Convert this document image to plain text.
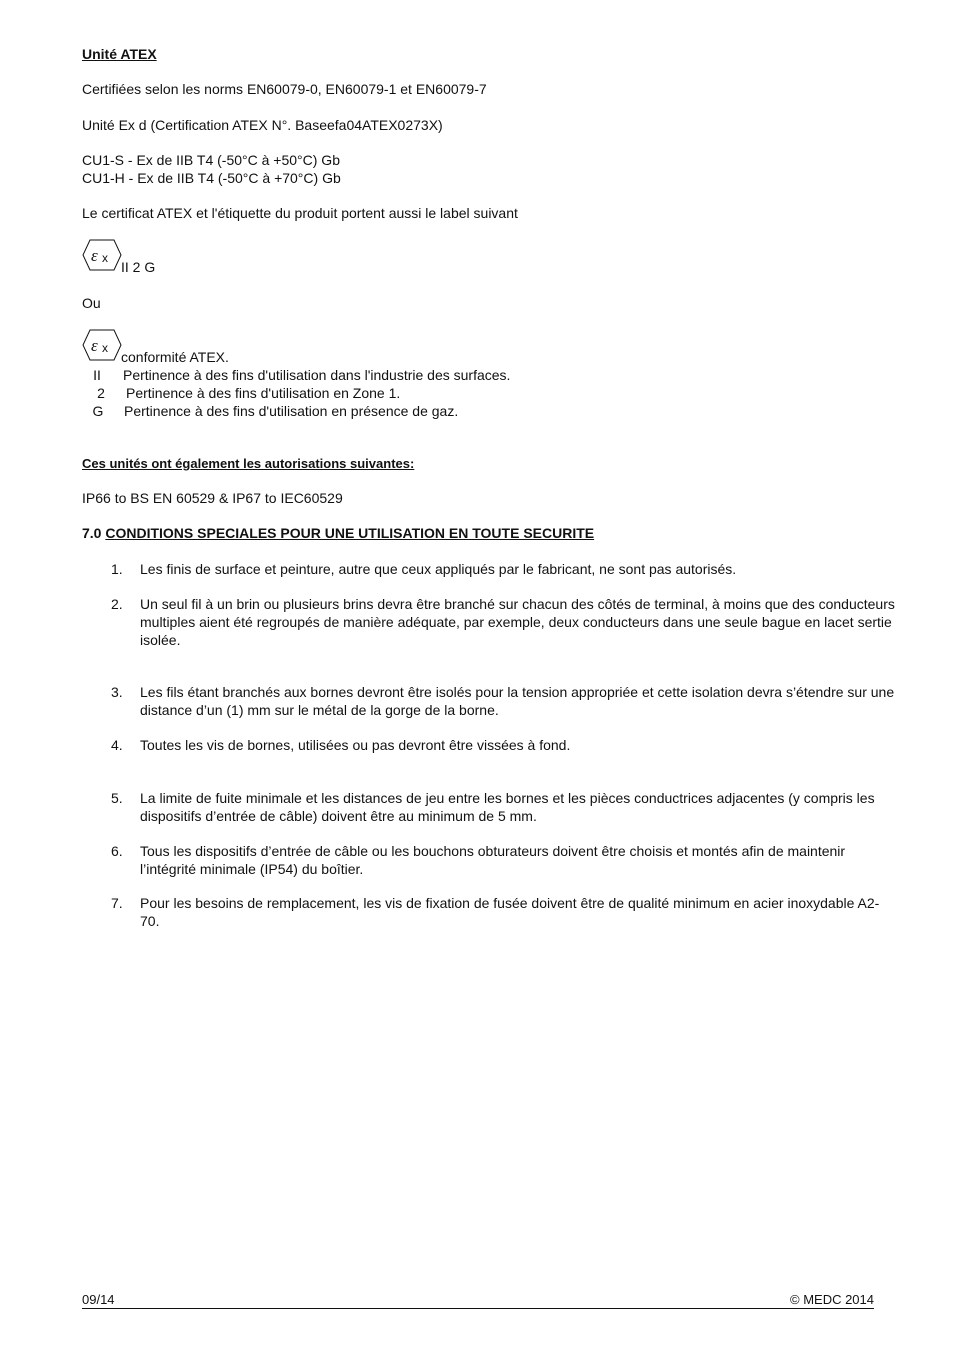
Unité ATEX
Certifiées selon les norms EN60079-0, EN60079-1 et EN60079-7
Unité Ex d (Certification ATEX N°. Baseefa04ATEX0273X)
CU1-S - Ex de IIB T4 (-50°C à +50°C) Gb
CU1-H - Ex de IIB T4 (-50°C à +70°C) Gb
Le certificat ATEX et l'étiquette du produit portent aussi le label suivant
ε x
II 2 G
Ou
ε x
conformité ATEX.
II	Pertinence à des fins d'utilisation dans l'industrie des surfaces.
2	Pertinence à des fins d'utilisation en Zone 1.
G	Pertinence à des fins d'utilisation en présence de gaz.
Ces unités ont également les autorisations suivantes:
IP66 to BS EN 60529 & IP67 to IEC60529
7.0 CONDITIONS SPECIALES POUR UNE UTILISATION EN TOUTE SECURITE
1. Les finis de surface et peinture, autre que ceux appliqués par le fabricant, ne sont pas autorisés.
2. Un seul fil à un brin ou plusieurs brins devra être branché sur chacun des côtés de terminal, à moins que des conducteurs multiples aient été regroupés de manière adéquate, par exemple, deux conducteurs dans une seule bague en lacet sertie isolée.
3. Les fils étant branchés aux bornes devront être isolés pour la tension appropriée et cette isolation devra s’étendre sur une distance d’un (1) mm sur le métal de la gorge de la borne.
4. Toutes les vis de bornes, utilisées ou pas devront être vissées à fond.
5. La limite de fuite minimale et les distances de jeu entre les bornes et les pièces conductrices adjacentes (y compris les dispositifs d’entrée de câble) doivent être au minimum de 5 mm.
6. Tous les dispositifs d’entrée de câble ou les bouchons obturateurs doivent être choisis et montés afin de maintenir l’intégrité minimale (IP54) du boîtier.
7. Pour les besoins de remplacement, les vis de fixation de fusée doivent être de qualité minimum en acier inoxydable A2-70.
09/14	© MEDC 2014
